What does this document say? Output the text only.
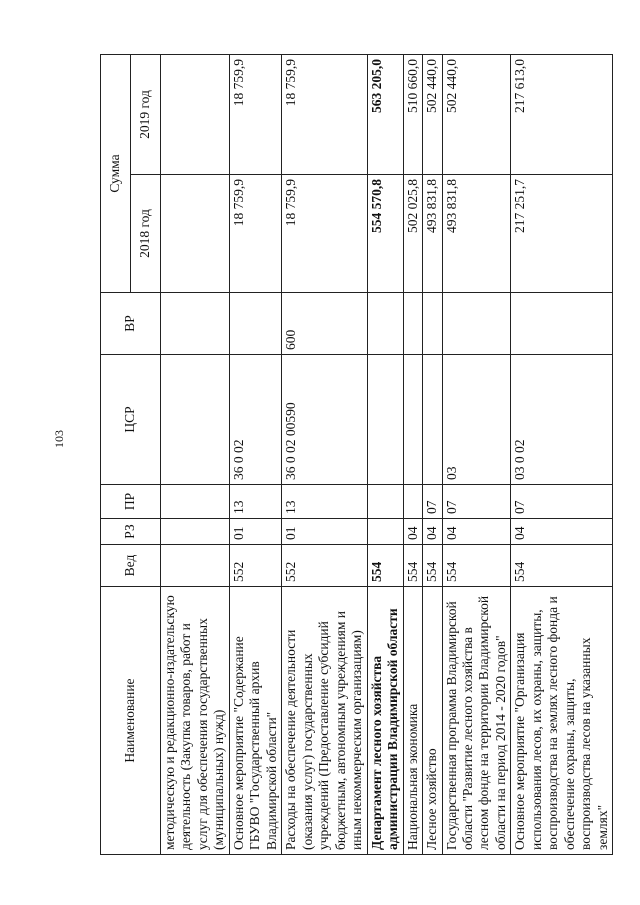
103
Наименование	Вед	РЗ	ПР	ЦСР	ВР	Сумма	
						2018 год	2019 год
методическую и редакционно-издательскую деятельность (Закупка товаров, работ и услуг для обеспечения государственных (муниципальных) нужд)							
Основное мероприятие "Содержание ГБУВО "Государственный архив Владимирской области"	552	01	13	36 0 02		18 759,9	18 759,9
Расходы на обеспечение деятельности (оказания услуг) государственных учреждений (Предоставление субсидий бюджетным, автономным учреждениям и иным некоммерческим организациям)	552	01	13	36 0 02 00590	600	18 759,9	18 759,9
Департамент лесного хозяйства администрации Владимирской области	554					554 570,8	563 205,0
Национальная экономика	554	04				502 025,8	510 660,0
Лесное хозяйство	554	04	07			493 831,8	502 440,0
Государственная программа Владимирской области "Развитие лесного хозяйства в лесном фонде на территории Владимирской области на период 2014 - 2020 годов"	554	04	07	03		493 831,8	502 440,0
Основное мероприятие "Организация использования лесов, их охраны, защиты, воспроизводства на землях лесного фонда и обеспечение охраны, защиты, воспроизводства лесов на указанных землях"	554	04	07	03 0 02		217 251,7	217 613,0
